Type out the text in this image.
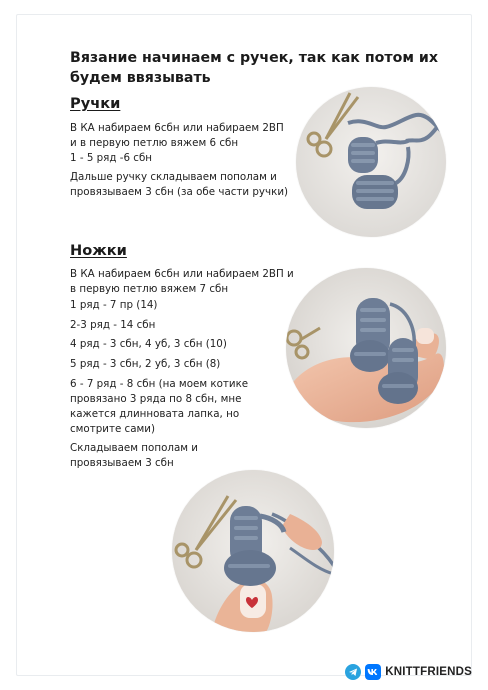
Вязание начинаем с ручек, так как потом их будем ввязывать
Ручки
В КА набираем 6сбн или набираем 2ВП
и в первую петлю вяжем 6 сбн
1 - 5 ряд -6 сбн
Дальше ручку складываем пополам и
провязываем 3 сбн (за обе части ручки)
Ножки
В КА набираем 6сбн или набираем 2ВП и
в первую петлю вяжем 7 сбн
1 ряд - 7 пр (14)
2-3 ряд - 14 сбн
4 ряд - 3 сбн, 4 уб, 3 сбн (10)
5 ряд - 3 сбн, 2 уб, 3 сбн (8)
6 - 7 ряд - 8 сбн (на моем котике
провязано 3 ряда по 8 сбн, мне
кажется длинновата лапка, но
смотрите сами)
Складываем пополам и
провязываем 3 сбн
KNITTFRIENDS
